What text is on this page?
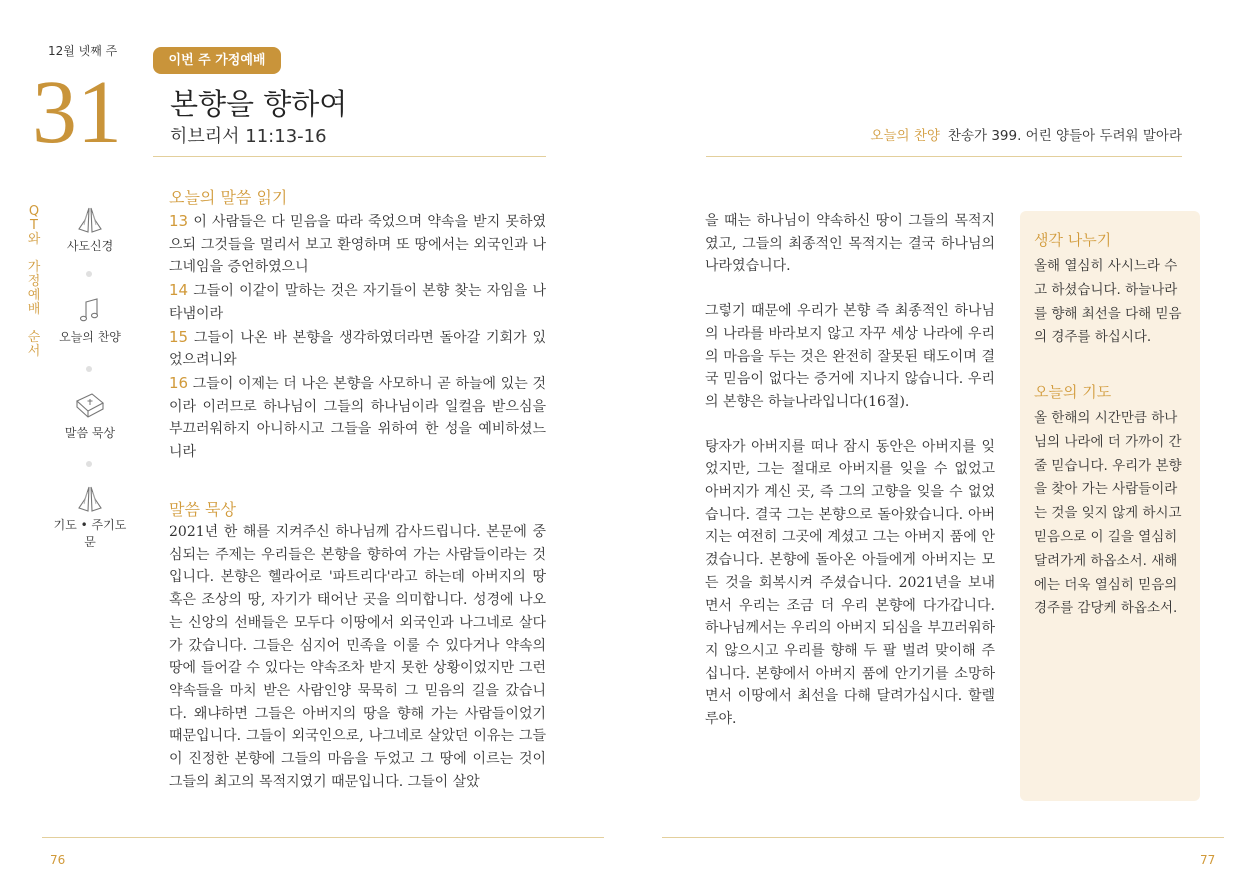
12월 넷째 주
31
이번 주 가정예배
본향을 향하여
히브리서 11:13-16
Q
T
와
가
정
예
배
순
서
사도신경
오늘의 찬양
말씀 묵상
기도 • 주기도문
오늘의 말씀 읽기

13 이 사람들은 다 믿음을 따라 죽었으며 약속을 받지 못하였으되 그것들을 멀리서 보고 환영하며 또 땅에서는 외국인과 나그네임을 증언하였으니

14 그들이 이같이 말하는 것은 자기들이 본향 찾는 자임을 나타냄이라

15 그들이 나온 바 본향을 생각하였더라면 돌아갈 기회가 있었으려니와

16 그들이 이제는 더 나은 본향을 사모하니 곧 하늘에 있는 것이라 이러므로 하나님이 그들의 하나님이라 일컬음 받으심을 부끄러워하지 아니하시고 그들을 위하여 한 성을 예비하셨느니라

말씀 묵상
2021년 한 해를 지켜주신 하나님께 감사드립니다. 본문에 중심되는 주제는 우리들은 본향을 향하여 가는 사람들이라는 것입니다. 본향은 헬라어로 '파트리다'라고 하는데 아버지의 땅 혹은 조상의 땅, 자기가 태어난 곳을 의미합니다. 성경에 나오는 신앙의 선배들은 모두다 이땅에서 외국인과 나그네로 살다가 갔습니다. 그들은 심지어 민족을 이룰 수 있다거나 약속의 땅에 들어갈 수 있다는 약속조차 받지 못한 상황이었지만 그런 약속들을 마치 받은 사람인양 묵묵히 그 믿음의 길을 갔습니다. 왜냐하면 그들은 아버지의 땅을 향해 가는 사람들이었기 때문입니다. 그들이 외국인으로, 나그네로 살았던 이유는 그들이 진정한 본향에 그들의 마음을 두었고 그 땅에 이르는 것이 그들의 최고의 목적지였기 때문입니다. 그들이 살았
76
오늘의 찬양 찬송가 399. 어린 양들아 두려워 말아라

을 때는 하나님이 약속하신 땅이 그들의 목적지였고, 그들의 최종적인 목적지는 결국 하나님의 나라였습니다.

그렇기 때문에 우리가 본향 즉 최종적인 하나님의 나라를 바라보지 않고 자꾸 세상 나라에 우리의 마음을 두는 것은 완전히 잘못된 태도이며 결국 믿음이 없다는 증거에 지나지 않습니다. 우리의 본향은 하늘나라입니다(16절).

탕자가 아버지를 떠나 잠시 동안은 아버지를 잊었지만, 그는 절대로 아버지를 잊을 수 없었고 아버지가 계신 곳, 즉 그의 고향을 잊을 수 없었습니다. 결국 그는 본향으로 돌아왔습니다. 아버지는 여전히 그곳에 계셨고 그는 아버지 품에 안겼습니다. 본향에 돌아온 아들에게 아버지는 모든 것을 회복시켜 주셨습니다. 2021년을 보내면서 우리는 조금 더 우리 본향에 다가갑니다. 하나님께서는 우리의 아버지 되심을 부끄러워하지 않으시고 우리를 향해 두 팔 벌려 맞이해 주십니다. 본향에서 아버지 품에 안기기를 소망하면서 이땅에서 최선을 다해 달려가십시다. 할렐루야.

생각 나누기
올해 열심히 사시느라 수고 하셨습니다. 하늘나라를 향해 최선을 다해 믿음의 경주를 하십시다.
오늘의 기도
올 한해의 시간만큼 하나님의 나라에 더 가까이 간 줄 믿습니다. 우리가 본향을 찾아 가는 사람들이라는 것을 잊지 않게 하시고 믿음으로 이 길을 열심히 달려가게 하옵소서. 새해에는 더욱 열심히 믿음의 경주를 감당케 하옵소서.
77
